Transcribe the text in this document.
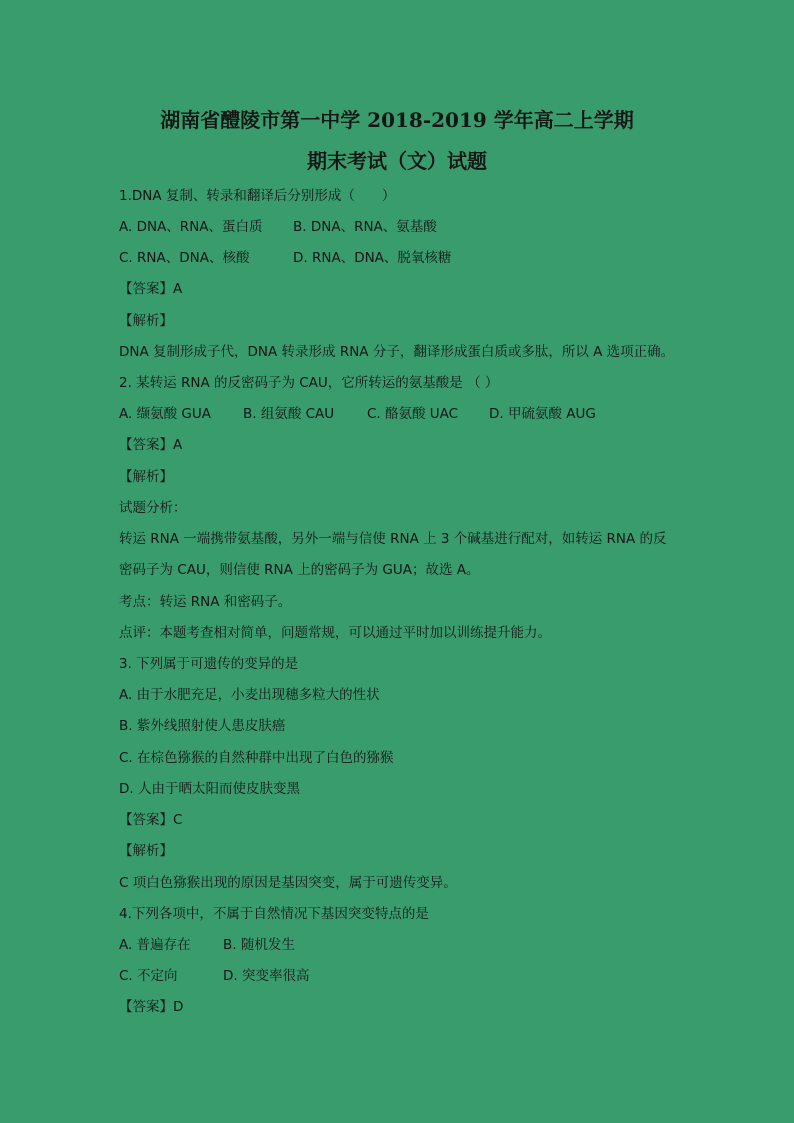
湖南省醴陵市第一中学 2018-2019 学年高二上学期
期末考试（文）试题
1.DNA 复制、转录和翻译后分别形成（　　）
A. DNA、RNA、蛋白质 B. DNA、RNA、氨基酸
C. RNA、DNA、核酸	D. RNA、DNA、脱氧核糖
【答案】A
【解析】
DNA 复制形成子代，DNA 转录形成 RNA 分子，翻译形成蛋白质或多肽，所以 A 选项正确。
2. 某转运 RNA 的反密码子为 CAU，它所转运的氨基酸是 （ ）
A. 缬氨酸 GUA B. 组氨酸 CAU C. 酪氨酸 UAC D. 甲硫氨酸 AUG
【答案】A
【解析】
试题分析：
转运 RNA 一端携带氨基酸，另外一端与信使 RNA 上 3 个碱基进行配对，如转运 RNA 的反
密码子为 CAU，则信使 RNA 上的密码子为 GUA；故选 A。
考点：转运 RNA 和密码子。
点评：本题考查相对简单，问题常规，可以通过平时加以训练提升能力。
3. 下列属于可遗传的变异的是
A. 由于水肥充足，小麦出现穗多粒大的性状
B. 紫外线照射使人患皮肤癌
C. 在棕色猕猴的自然种群中出现了白色的猕猴
D. 人由于晒太阳而使皮肤变黑
【答案】C
【解析】
C 项白色猕猴出现的原因是基因突变，属于可遗传变异。
4.下列各项中，不属于自然情况下基因突变特点的是
A. 普遍存在 B. 随机发生
C. 不定向	D. 突变率很高
【答案】D
